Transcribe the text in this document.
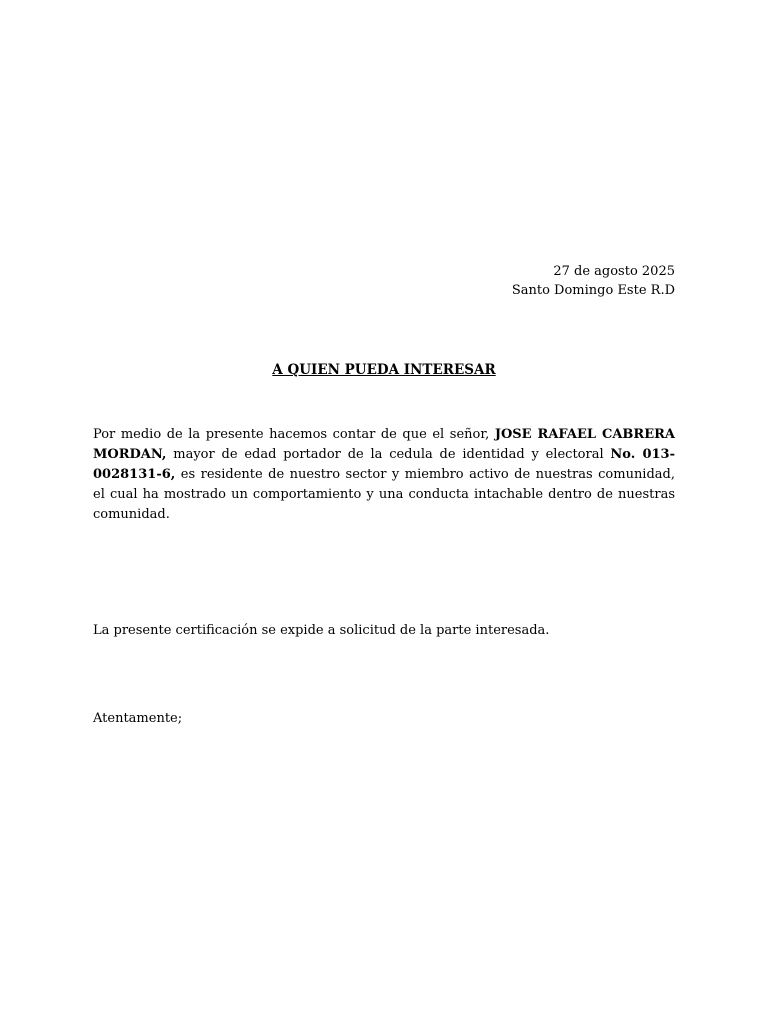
27 de agosto 2025
Santo Domingo Este R.D
A QUIEN PUEDA INTERESAR
Por medio de la presente hacemos contar de que el señor, JOSE RAFAEL CABRERA MORDAN, mayor de edad portador de la cedula de identidad y electoral No. 013-0028131-6, es residente de nuestro sector y miembro activo de nuestras comunidad, el cual ha mostrado un comportamiento y una conducta intachable dentro de nuestras comunidad.
La presente certificación se expide a solicitud de la parte interesada.
Atentamente;
